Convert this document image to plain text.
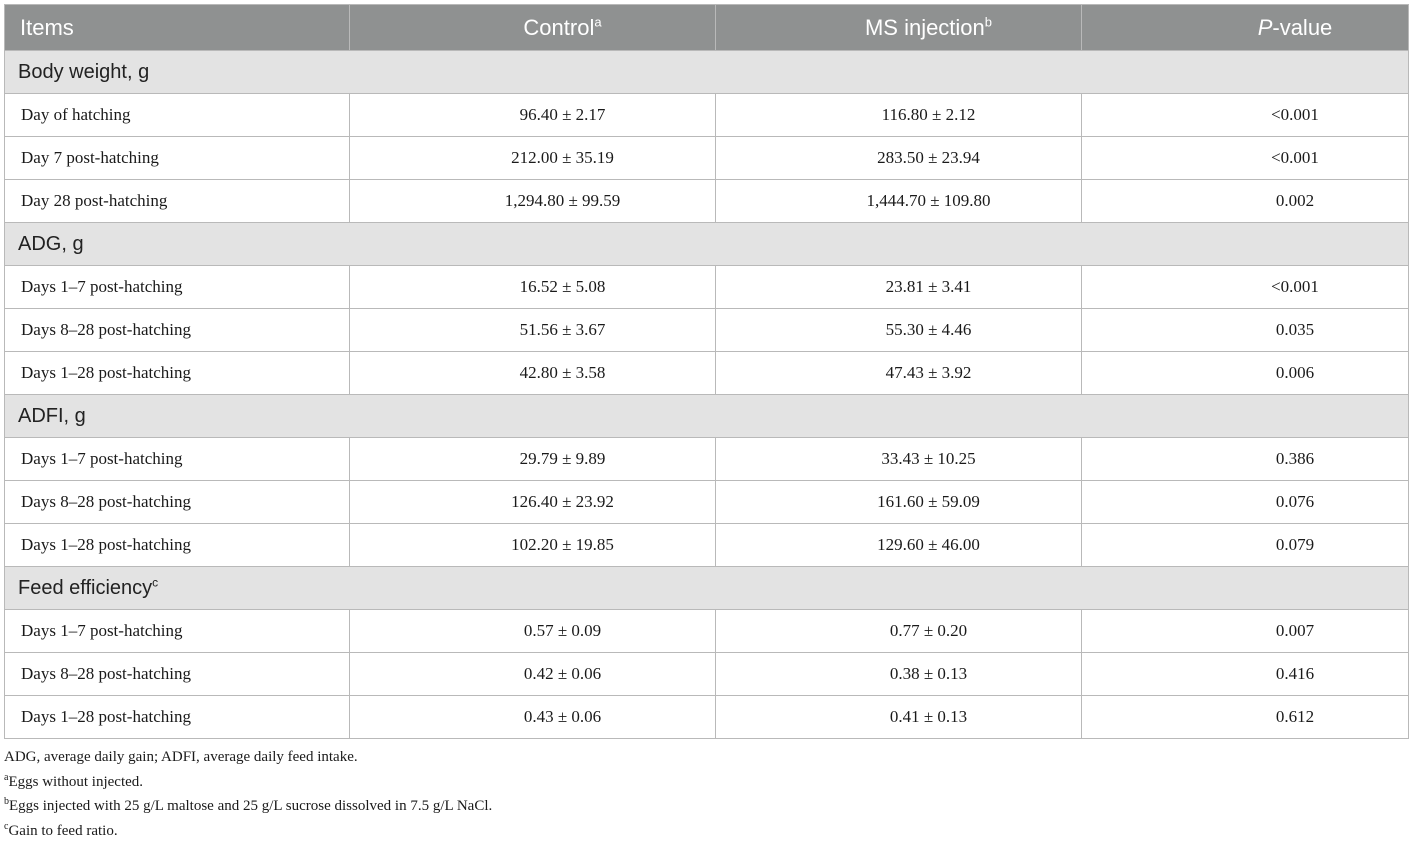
Items	Control$^a$	MS injection$^b$	P-value
Body weight, g			
Day of hatching	96.40 ± 2.17	116.80 ± 2.12	<0.001
Day 7 post-hatching	212.00 ± 35.19	283.50 ± 23.94	<0.001
Day 28 post-hatching	1,294.80 ± 99.59	1,444.70 ± 109.80	0.002
ADG, g			
Days 1–7 post-hatching	16.52 ± 5.08	23.81 ± 3.41	<0.001
Days 8–28 post-hatching	51.56 ± 3.67	55.30 ± 4.46	0.035
Days 1–28 post-hatching	42.80 ± 3.58	47.43 ± 3.92	0.006
ADFI, g			
Days 1–7 post-hatching	29.79 ± 9.89	33.43 ± 10.25	0.386
Days 8–28 post-hatching	126.40 ± 23.92	161.60 ± 59.09	0.076
Days 1–28 post-hatching	102.20 ± 19.85	129.60 ± 46.00	0.079
Feed efficiency$^c$
Days 1–7 post-hatching	0.57 ± 0.09	0.77 ± 0.20	0.007
Days 8–28 post-hatching	0.42 ± 0.06	0.38 ± 0.13	0.416
Days 1–28 post-hatching	0.43 ± 0.06	0.41 ± 0.13	0.612
ADG, average daily gain; ADFI, average daily feed intake.
$^a$Eggs without injected.
$^b$Eggs injected with 25 g/L maltose and 25 g/L sucrose dissolved in 7.5 g/L NaCl.
$^c$Gain to feed ratio.
